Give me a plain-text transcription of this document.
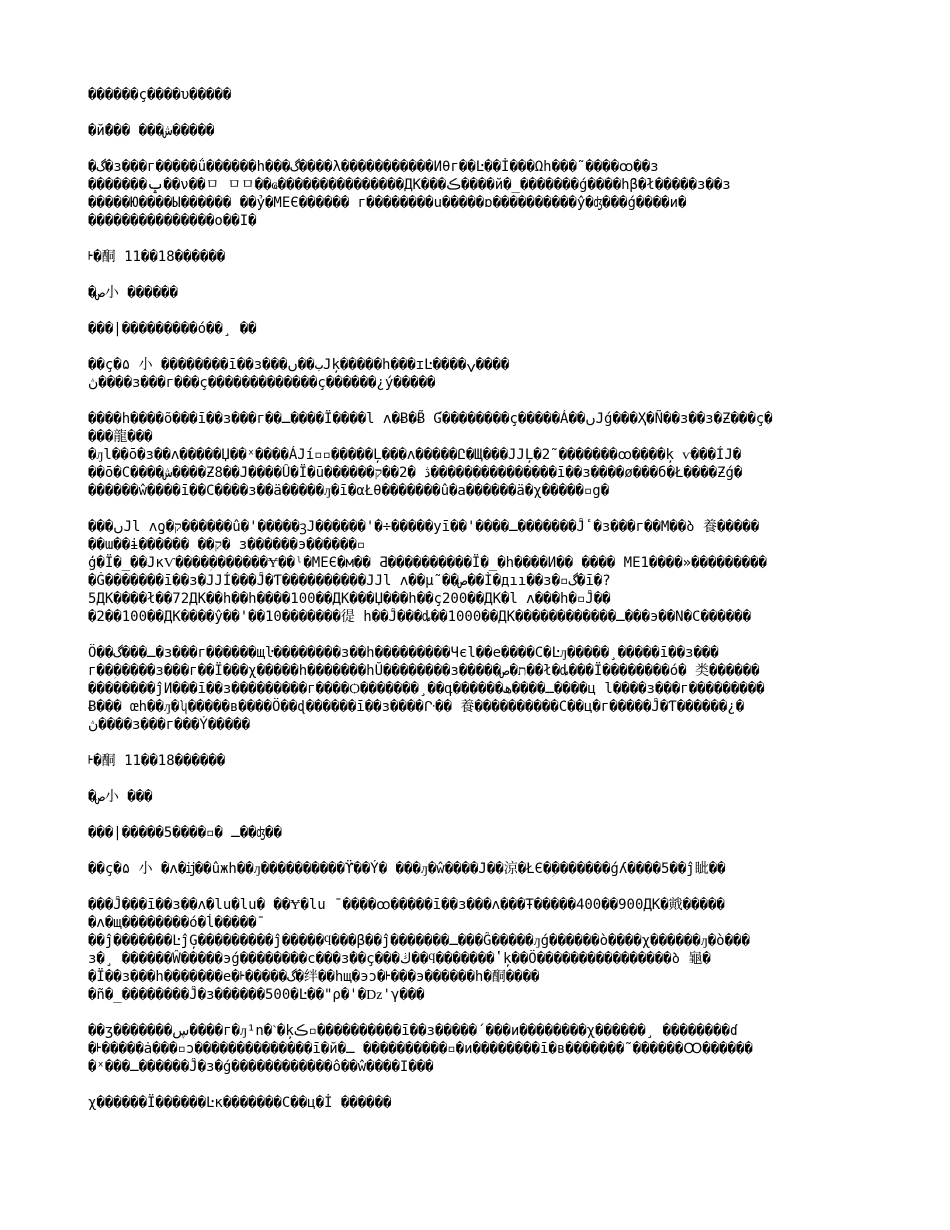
������ç����υ�����

�й̄��� ���ش�����

�گ�з���г�����ǘ������h���گ����λ�����������Иθг��Ŀ��İ���Ωh���̃ ����ꝏ��з

�������ݒ��ν��ㅁ ㅁㅁ��ҩ���������������ДК���ڪ����й�_�������ǵ����hβ�ł�����з��з

�����Ю����Ы������ ��ỷ�МЕЄ������ г��������ս�����ɒ����������ŷ�ʤ���ǵ����и�

���������������ο��І�

ᡰ�酮 11��18������

�ص小 ������

���|���������ό��¸ ��

��ç�۵ 小 ��������ī��з���ب��ںЈķ�����h���ɪĿ����ݍ����

ڽ����з���г���ç�������������ç������¿ý�����

����h����õ���ī��з���г��ـ����Ï����l ʌ�Ƀ�Ƀ̃ Ɠ��������ç�����Á��ںЈǵ���Ҳ�Ñ��з��з�Ƶ���ç�

���龍���

�ԓl��ō�з��ʌ�����Џ��ˣ����ÁЈí▫▫�����Ļ���ʌ�����Ը�Щ���ЈЈĻ�2̃ �������ꝏ����ķ ѵ���ÍЈ�

��ō�С����ش����Ƶ8��Ϳ����Û�Ï�ū������ڎ �2��ק�����ؚ����������ī��з����ø���б�Ł����Ƶǵ�

������ŵ����ī��С����з݅��ä�����ԓ�ī�αŁθ�������û�a������ä�χ�����▫g�

���ںЈl ʌƍ�ק������û�'�����ꝫЈ������'�÷�����уī��'����ـ�������Ĵٴ�з���г��М��ბ 養�����

��ɯ��ɨ������ ��ק� з������э������▫

ģ�Ï�_��ЈĸѴ����ؚ�������Ɏ��ˡ�МЕЄ�м�� Ƌ����������Ï�_�h����И�� ���� МЕ1����»���������

�Ġ�������ī��з�ЈЈÍ���Ĵ�Ƭ����������ЈЈl ʌ��µ̃ ��ص��Ì�дıı��з�▫گ�ī�?

5ДК����ł��72ДК��h��h����100��ДК���Џ���h��ç200��ДК�l ʌ���h�▫Ĵ��

�2��100��ДК����ŷ��'��10�������徥 h��Ĵ���ȡ��1000��ДК������������ـ���э��N�С������

Ö��ـ���گ�з���г������щŀ��������з��h���������Чєl��е����С�Ŀԓ�����¸�����ī��з���

г��ؚ�����з���г��Ï���χ�����һ�������hŬ��������з�����ת�ص��ł�ȡ���Ї��������ό� 类������

��������ĵИ���ī��з���������г����Ѻ�������¸��գ������ـ����ھ����ц l����з���г���������

Ƀ��� œh��ԓ�ʮ�����в����Ö��ɖ������ī��з����ᒕ�� 養����������С��ц�г�����Ĵ�Ƭ������¿�

ڽ����з���г���Ý�����

ᡰ�酮 11��18������

�ص小 ���

���|�����5����▫� ـ��ʤ��

��ç�۵ 小 �ʌ�ĳ��ûжh��ԓ����������ϔ��Ý� ���ԓ�ŵ����Ϳ��涼�ŁЄ�ؚ�������ǵʎ����5��ĵ眦��

���Ĵ���ī��з��ʌ�lu�lu� ��Ɏ�lu ̄ ����ꝏ�����ī��з���ʌ���Ŧ�����400��900ДК�戭�����

�ʌ�щ��������ό�ĺ�����̄

��ĵ�������ĿĵĢ���������ĵ�����ϥ���β��ĵ�������ـ���Ĝ�����ԓǵ������ò����χ������ԓ�ò���

з�¸ ������Ŵ�����эǵ��������с���з݅��ç���ڬ��ϥ�������ʽķ��Ö����������������ბ 龜�

�Ï��з���h�������е�ᡰ�����گ�绊��hщ�эɔ�ᡰ���э������h�酮����

�ñ�_��������Ĵ�з������500�Ŀ��"ρ�'�ǲ'γ���

��ʒ�������ڛ����г�ԓ¹n�ˋ�ķڪ▫����������ī��з�����΄���и��������χ������¸ ��������ɗ

�ᡰ�����ȧ���▫ɔ��������������ī�й�ـ ����������▫�и��������ī�в�������̃ ������Ꝏ������

�ˣ���ـ������Ĵ�з�ǵ������������ô��ŵ����І���

χ������Ï������Ŀк�������С��ц�İ ������
